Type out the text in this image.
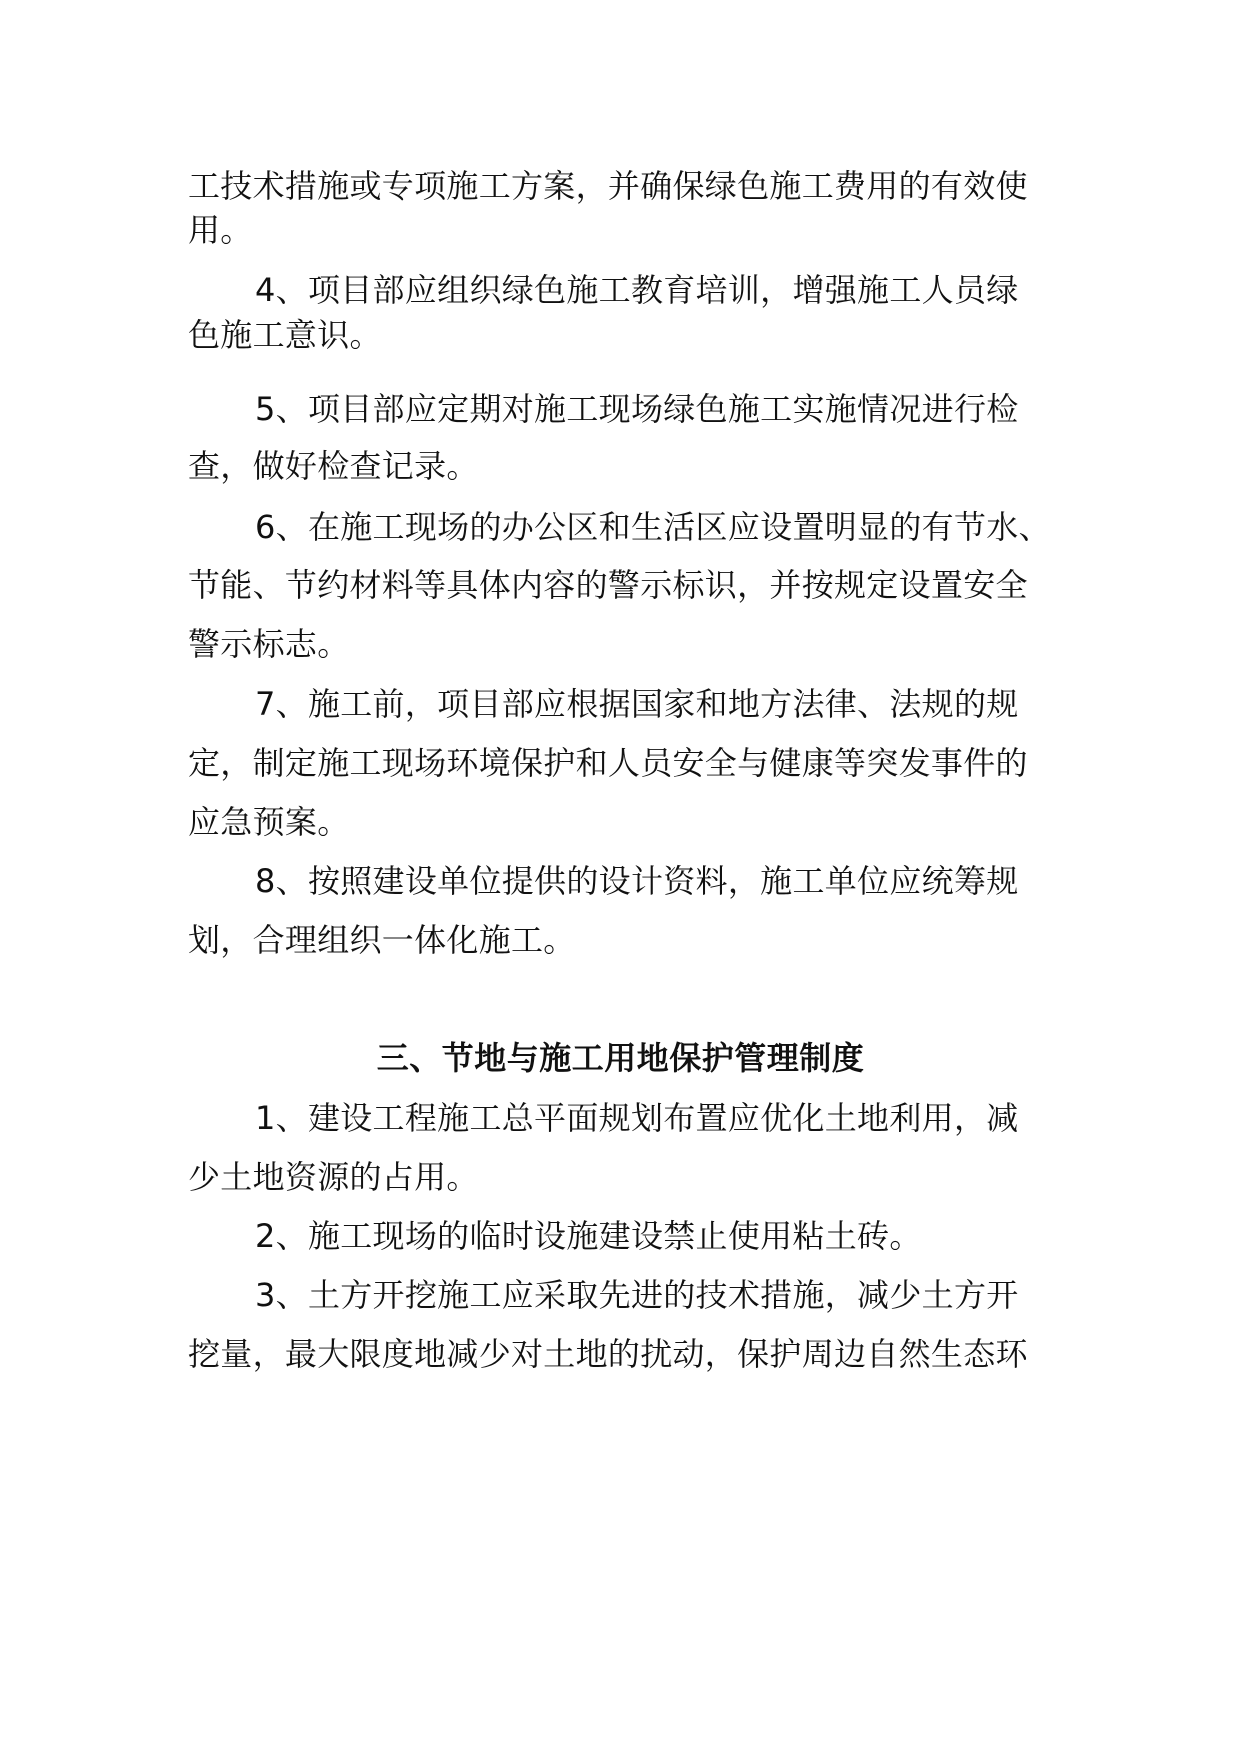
工技术措施或专项施工方案，并确保绿色施工费用的有效使
用。
4、项目部应组织绿色施工教育培训，增强施工人员绿
色施工意识。
5、项目部应定期对施工现场绿色施工实施情况进行检
查，做好检查记录。
6、在施工现场的办公区和生活区应设置明显的有节水、
节能、节约材料等具体内容的警示标识，并按规定设置安全
警示标志。
7、施工前，项目部应根据国家和地方法律、法规的规
定，制定施工现场环境保护和人员安全与健康等突发事件的
应急预案。
8、按照建设单位提供的设计资料，施工单位应统筹规
划，合理组织一体化施工。
三、节地与施工用地保护管理制度
1、建设工程施工总平面规划布置应优化土地利用，减
少土地资源的占用。
2、施工现场的临时设施建设禁止使用粘土砖。
3、土方开挖施工应采取先进的技术措施，减少土方开
挖量，最大限度地减少对土地的扰动，保护周边自然生态环
